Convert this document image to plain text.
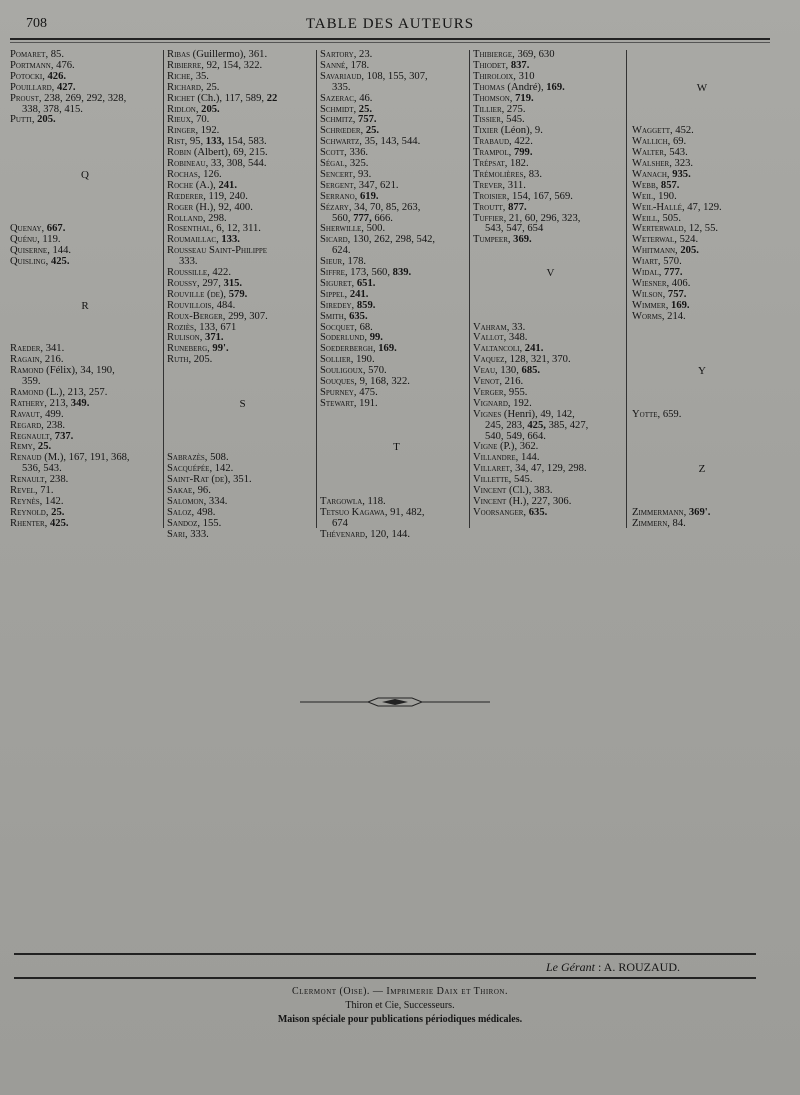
708	TABLE DES AUTEURS
Pomaret, 85.
Portmann, 476.
Potocki, 426.
Pouillard, 427.
Proust, 238, 269, 292, 328,
338, 378, 415.
Putti, 205.
Q
Quenay, 667.
Quénu, 119.
Quiserne, 144.
Quisling, 425.
R
Raeder, 341.
Ragain, 216.
Ramond (Félix), 34, 190,
359.
Ramond (L.), 213, 257.
Rathery, 213, 349.
Ravaut, 499.
Regard, 238.
Regnault, 737.
Remy, 25.
Renaud (M.), 167, 191, 368,
536, 543.
Renault, 238.
Revel, 71.
Reynès, 142.
Reynold, 25.
Rhenter, 425.
Ribas (Guillermo), 361.
Ribierre, 92, 154, 322.
Riche, 35.
Richard, 25.
Richet (Ch.), 117, 589, 22
Ridlon, 205.
Rieux, 70.
Ringer, 192.
Rist, 95, 133, 154, 583.
Robin (Albert), 69, 215.
Robineau, 33, 308, 544.
Rochas, 126.
Roche (A.), 241.
Rœderer, 119, 240.
Roger (H.), 92, 400.
Rolland, 298.
Rosenthal, 6, 12, 311.
Roumaillac, 133.
Rousseau Saint-Philippe
333.
Roussille, 422.
Roussy, 297, 315.
Rouville (de), 579.
Rouvillois, 484.
Roux-Berger, 299, 307.
Roziès, 133, 671
Rulison, 371.
Runeberg, 99'.
Ruth, 205.
S
Sabrazès, 508.
Sacquépée, 142.
Saint-Rat (de), 351.
Sakae, 96.
Salomon, 334.
Saloz, 498.
Sandoz, 155.
Sari, 333.
Sartory, 23.
Sanné, 178.
Savariaud, 108, 155, 307,
335.
Sazerac, 46.
Schmidt, 25.
Schmitz, 757.
Schrœder, 25.
Schwartz, 35, 143, 544.
Scott, 336.
Ségal, 325.
Sencert, 93.
Sergent, 347, 621.
Serrano, 619.
Sézary, 34, 70, 85, 263,
560, 777, 666.
Sherwille, 500.
Sicard, 130, 262, 298, 542,
624.
Sieur, 178.
Siffre, 173, 560, 839.
Siguret, 651.
Sippel, 241.
Siredey, 859.
Smith, 635.
Socquet, 68.
Soderlund, 99.
Soederbergh, 169.
Sollier, 190.
Souligoux, 570.
Souques, 9, 168, 322.
Spurney, 475.
Stewart, 191.
T
Targowla, 118.
Tetsuo Kagawa, 91, 482,
674
Thévenard, 120, 144.
Thibierge, 369, 630
Thiodet, 837.
Thiroloix, 310
Thomas (André), 169.
Thomson, 719.
Tillier, 275.
Tissier, 545.
Tixier (Léon), 9.
Trabaud, 422.
Trampol, 799.
Trépsat, 182.
Trémolières, 83.
Trever, 311.
Troisier, 154, 167, 569.
Troutt, 877.
Tuffier, 21, 60, 296, 323,
543, 547, 654
Tumpeer, 369.
V
Vahram, 33.
Vallot, 348.
Valtancoli, 241.
Vaquez, 128, 321, 370.
Veau, 130, 685.
Venot, 216.
Verger, 955.
Vignard, 192.
Vignes (Henri), 49, 142,
245, 283, 425, 385, 427,
540, 549, 664.
Vigne (P.), 362.
Villandre, 144.
Villaret, 34, 47, 129, 298.
Villette, 545.
Vincent (Cl.), 383.
Vincent (H.), 227, 306.
Voorsanger, 635.
W
Waggett, 452.
Wallich, 69.
Walter, 543.
Walsher, 323.
Wanach, 935.
Webb, 857.
Weil, 190.
Weil-Hallé, 47, 129.
Weill, 505.
Werterwald, 12, 55.
Weterwal, 524.
Whitmann, 205.
Wiart, 570.
Widal, 777.
Wiesner, 406.
Wilson, 757.
Wimmer, 169.
Worms, 214.
Y
Yotte, 659.
Z
Zimmermann, 369'.
Zimmern, 84.
Le Gérant : A. ROUZAUD.
Clermont (Oise). — Imprimerie Daix et Thiron.
Thiron et Cie, Successeurs.
Maison spéciale pour publications périodiques médicales.
